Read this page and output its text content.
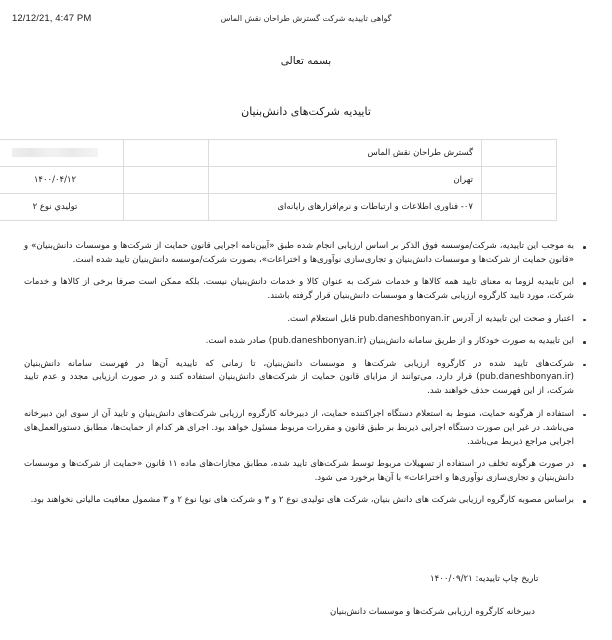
12/12/21, 4:47 PM	گواهی تاییدیه شرکت گسترش طراحان نقش الماس
بسمه تعالی
تاییدیه شرکت‌های دانش‌بنیان
	گسترش طراحان نقش الماس		
	تهران		۱۴۰۰/۰۴/۱۲
	۰۷- فناوری اطلاعات و ارتباطات و نرم‌افزارهای رایانه‌ای		تولیدي نوع ۲
به موجب این تاییدیه، شرکت/موسسه فوق الذکر بر اساس ارزیابی انجام شده طبق «آیین‌نامه اجرایی قانون حمایت از شرکت‌ها و موسسات دانش‌بنیان» و «قانون حمایت از شرکت‌ها و موسسات دانش‌بنیان و تجاری‌سازی نوآوری‌ها و اختراعات»، بصورت شرکت/موسسه دانش‌بنیان تایید شده است.
این تاییدیه لزوما به معنای تایید همه کالاها و خدمات شرکت به عنوان کالا و خدمات دانش‌بنیان نیست. بلکه ممکن است صرفا برخی از کالاها و خدمات شرکت، مورد تایید کارگروه ارزیابی شرکت‌ها و موسسات دانش‌بنیان قرار گرفته باشند.
اعتبار و صحت این تاییدیه از آدرس pub.daneshbonyan.ir قابل استعلام است.
این تاییدیه به صورت خودکار و از طریق سامانه دانش‌بنیان (pub.daneshbonyan.ir) صادر شده است.
شرکت‌های تایید شده در کارگروه ارزیابی شرکت‌ها و موسسات دانش‌بنیان، تا زمانی که تاییدیه آن‌ها در فهرست سامانه دانش‌بنیان (pub.daneshbonyan.ir) قرار دارد، می‌توانند از مزایای قانون حمایت از شرکت‌های دانش‌بنیان استفاده کنند و در صورت ارزیابی مجدد و عدم تایید شرکت، از این فهرست حذف خواهند شد.
استفاده از هرگونه حمایت، منوط به استعلام دستگاه اجراکننده حمایت، از دبیرخانه کارگروه ارزیابی شرکت‌های دانش‌بنیان و تایید آن از سوی این دبیرخانه می‌باشد. در غیر این صورت دستگاه اجرایی ذیربط بر طبق قانون و مقررات مربوط مسئول خواهد بود. اجرای هر کدام از حمایت‌ها، مطابق دستورالعمل‌های اجرایی مراجع ذیربط می‌باشد.
در صورت هرگونه تخلف در استفاده از تسهیلات مربوط توسط شرکت‌های تایید شده، مطابق مجازات‌های ماده ۱۱ قانون «حمایت از شرکت‌ها و موسسات دانش‌بنیان و تجاری‌سازی نوآوری‌ها و اختراعات» با آن‌ها برخورد می شود.
براساس مصوبه کارگروه ارزیابی شرکت های دانش بنیان، شرکت های تولیدی نوع ۲ و ۳ و شرکت های نوپا نوع ۲ و ۳ مشمول معافیت مالیاتی نخواهند بود.
تاریخ چاپ تاییدیه: ۱۴۰۰/۰۹/۲۱
دبیرخانه کارگروه ارزیابی شرکت‌ها و موسسات دانش‌بنیان
